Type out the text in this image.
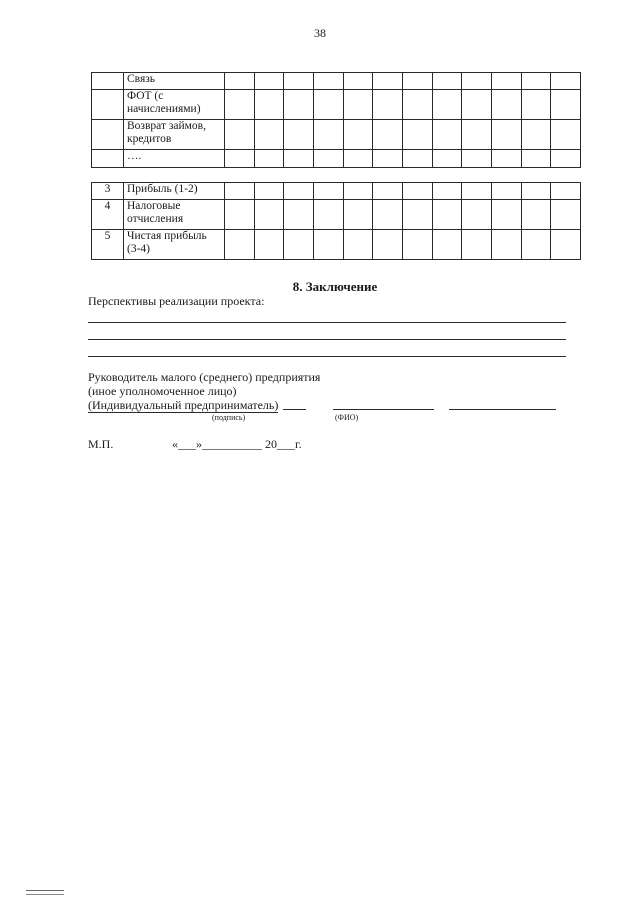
38
	Связь												
	ФОТ (с начислениями)												
	Возврат займов, кредитов												
	….												
3	Прибыль (1-2)												
4	Налоговые отчисления												
5	Чистая прибыль (3-4)												
8. Заключение
Перспективы реализации проекта:
Руководитель малого (среднего) предприятия
(иное уполномоченное лицо)
(Индивидуальный предприниматель)
(подпись)	(ФИО)
М.П.	«___»__________ 20___г.
